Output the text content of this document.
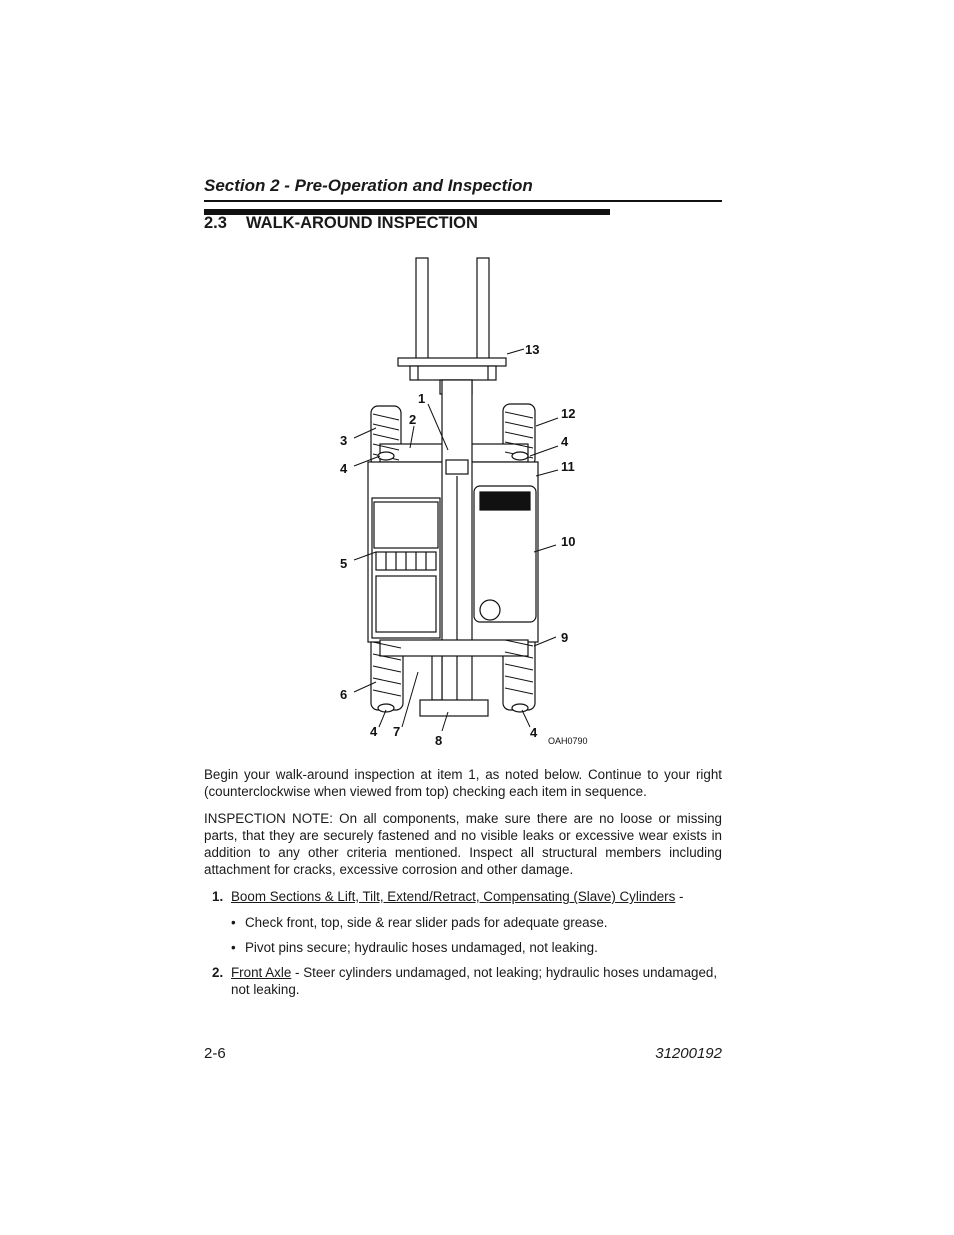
Section 2 - Pre-Operation and Inspection
2.3 WALK-AROUND INSPECTION
1
2
3
4
5
6
4 7
8
4
9
10
11
4
12
13
OAH0790
Begin your walk-around inspection at item 1, as noted below. Continue to your right (counterclockwise when viewed from top) checking each item in sequence.
INSPECTION NOTE: On all components, make sure there are no loose or missing parts, that they are securely fastened and no visible leaks or excessive wear exists in addition to any other criteria mentioned. Inspect all structural members including attachment for cracks, excessive corrosion and other damage.
1. Boom Sections & Lift, Tilt, Extend/Retract, Compensating (Slave) Cylinders -
• Check front, top, side & rear slider pads for adequate grease.
• Pivot pins secure; hydraulic hoses undamaged, not leaking.
2. Front Axle - Steer cylinders undamaged, not leaking; hydraulic hoses undamaged, not leaking.
2-6	31200192
